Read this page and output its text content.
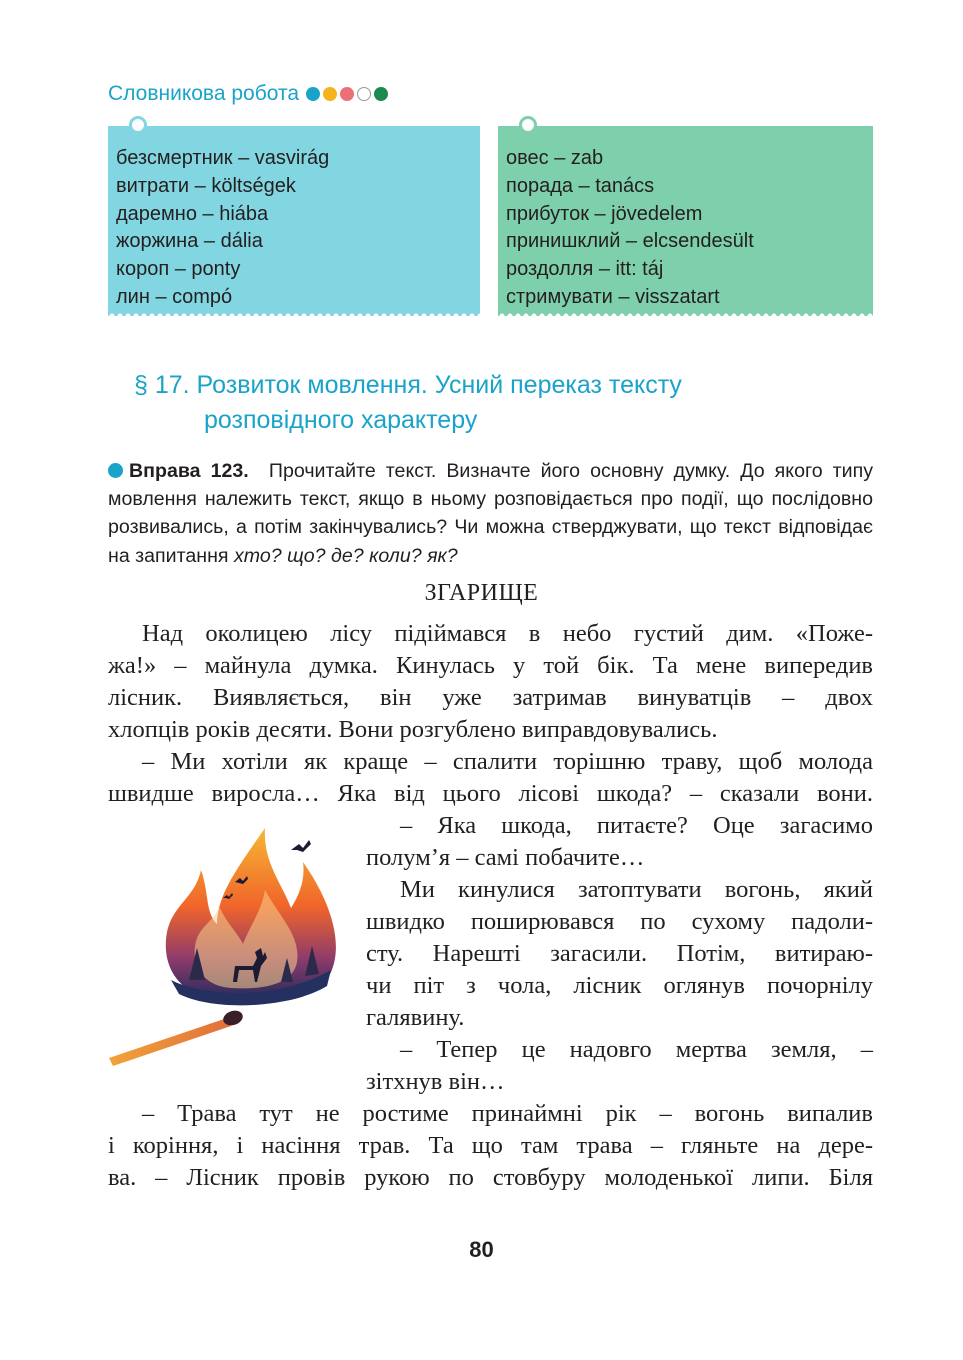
Словникова робота
безсмертник – vasvirág
витрати – költségek
даремно – hiába
жоржина – dália
короп – ponty
лин – compó
овес – zab
порада – tanács
прибуток – jövedelem
принишклий – elcsendesült
роздолля – itt: táj
стримувати – visszatart
§ 17. Розвиток мовлення. Усний переказ тексту
розповідного характеру
Вправа 123. Прочитайте текст. Визначте його основну думку. До якого типу мовлення належить текст, якщо в ньому розповідається про події, що послідовно розвивались, а потім закінчувались? Чи можна стверджувати, що текст відповідає на запитання хто? що? де? коли? як?
ЗГАРИЩЕ
Над околицею лісу підіймався в небо густий дим. «Поже-
жа!» – майнула думка. Кинулась у той бік. Та мене випередив
лісник. Виявляється, він уже затримав винуватців – двох
хлопців років десяти. Вони розгублено виправдовувались.
– Ми хотіли як краще – спалити торішню траву, щоб молода
швидше виросла… Яка від цього лісові шкода? – сказали вони.
– Яка шкода, питаєте? Оце загасимо
полум’я – самі побачите…
Ми кинулися затоптувати вогонь, який
швидко поширювався по сухому падоли-
сту. Нарешті загасили. Потім, витираю-
чи піт з чола, лісник оглянув почорнілу
галявину.
– Тепер це надовго мертва земля, –
зітхнув він…
– Трава тут не ростиме принаймні рік – вогонь випалив
і коріння, і насіння трав. Та що там трава – гляньте на дере-
ва. – Лісник провів рукою по стовбуру молоденької липи. Біля
80
